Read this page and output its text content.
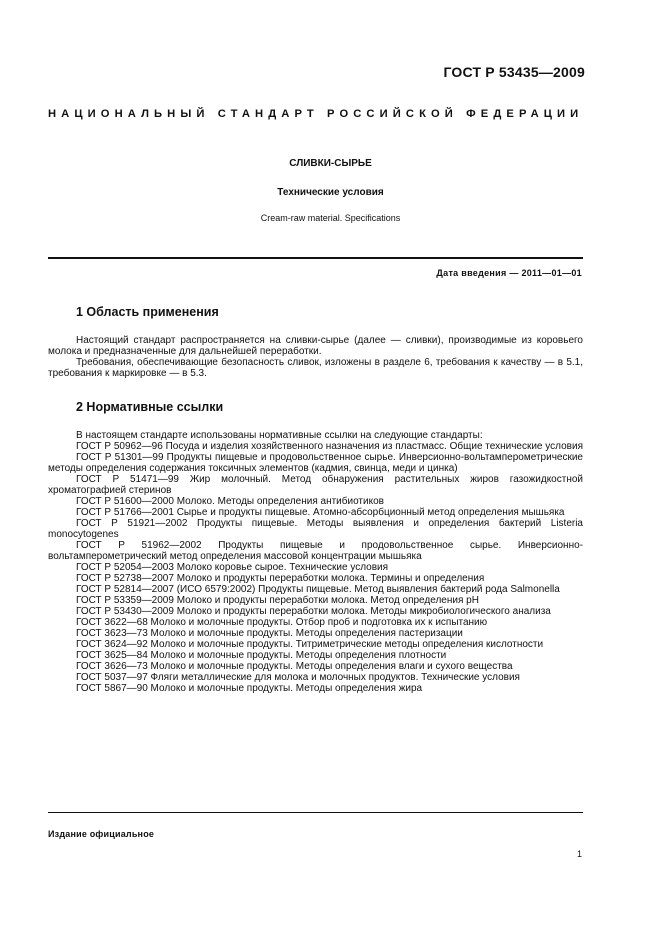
ГОСТ Р 53435—2009
НАЦИОНАЛЬНЫЙ СТАНДАРТ РОССИЙСКОЙ ФЕДЕРАЦИИ
СЛИВКИ-СЫРЬЕ
Технические условия
Cream-raw material. Specifications
Дата введения — 2011—01—01
1 Область применения

Настоящий стандарт распространяется на сливки-сырье (далее — сливки), производимые из коровьего молока и предназначенные для дальнейшей переработки.

Требования, обеспечивающие безопасность сливок, изложены в разделе 6, требования к качеству — в 5.1, требования к маркировке — в 5.3.

2 Нормативные ссылки

В настоящем стандарте использованы нормативные ссылки на следующие стандарты:

ГОСТ Р 50962—96 Посуда и изделия хозяйственного назначения из пластмасс. Общие технические условия

ГОСТ Р 51301—99 Продукты пищевые и продовольственное сырье. Инверсионно-вольтамперометрические методы определения содержания токсичных элементов (кадмия, свинца, меди и цинка)

ГОСТ Р 51471—99 Жир молочный. Метод обнаружения растительных жиров газожидкостной хроматографией стеринов

ГОСТ Р 51600—2000 Молоко. Методы определения антибиотиков

ГОСТ Р 51766—2001 Сырье и продукты пищевые. Атомно-абсорбционный метод определения мышьяка

ГОСТ Р 51921—2002 Продукты пищевые. Методы выявления и определения бактерий Listeria monocytogenes

ГОСТ Р 51962—2002 Продукты пищевые и продовольственное сырье. Инверсионно-вольтамперометрический метод определения массовой концентрации мышьяка

ГОСТ Р 52054—2003 Молоко коровье сырое. Технические условия

ГОСТ Р 52738—2007 Молоко и продукты переработки молока. Термины и определения

ГОСТ Р 52814—2007 (ИСО 6579:2002) Продукты пищевые. Метод выявления бактерий рода Salmonella

ГОСТ Р 53359—2009 Молоко и продукты переработки молока. Метод определения pH

ГОСТ Р 53430—2009 Молоко и продукты переработки молока. Методы микробиологического анализа

ГОСТ 3622—68 Молоко и молочные продукты. Отбор проб и подготовка их к испытанию

ГОСТ 3623—73 Молоко и молочные продукты. Методы определения пастеризации

ГОСТ 3624—92 Молоко и молочные продукты. Титриметрические методы определения кислотности

ГОСТ 3625—84 Молоко и молочные продукты. Методы определения плотности

ГОСТ 3626—73 Молоко и молочные продукты. Методы определения влаги и сухого вещества

ГОСТ 5037—97 Фляги металлические для молока и молочных продуктов. Технические условия

ГОСТ 5867—90 Молоко и молочные продукты. Методы определения жира

Издание официальное
1
